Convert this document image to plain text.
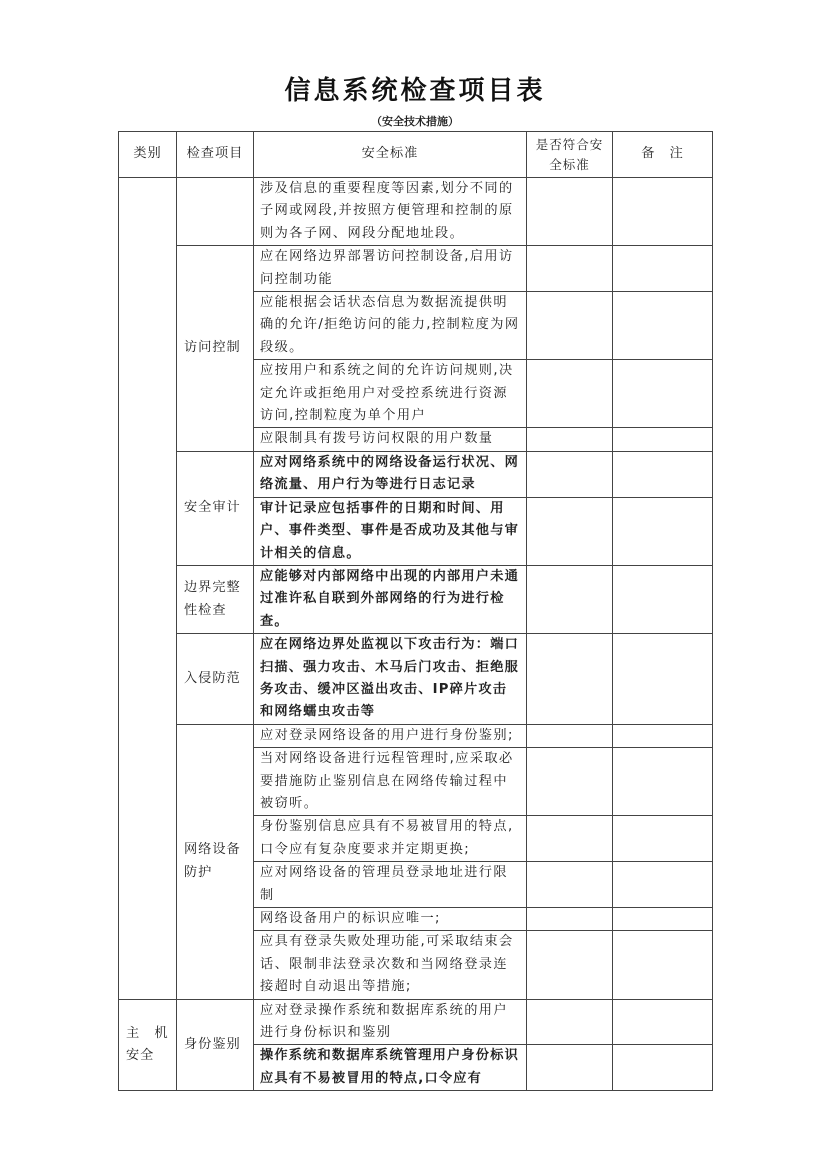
信息系统检查项目表
（安全技术措施）
类别	检查项目	安全标准	是否符合安全标准	备　注
		涉及信息的重要程度等因素,划分不同的子网或网段,并按照方便管理和控制的原则为各子网、网段分配地址段。		
	访问控制	应在网络边界部署访问控制设备,启用访问控制功能		
		应能根据会话状态信息为数据流提供明确的允许/拒绝访问的能力,控制粒度为网段级。		
		应按用户和系统之间的允许访问规则,决定允许或拒绝用户对受控系统进行资源访问,控制粒度为单个用户		
		应限制具有拨号访问权限的用户数量		
	安全审计	应对网络系统中的网络设备运行状况、网络流量、用户行为等进行日志记录		
		审计记录应包括事件的日期和时间、用户、事件类型、事件是否成功及其他与审计相关的信息。		
	边界完整性检查	应能够对内部网络中出现的内部用户未通过准许私自联到外部网络的行为进行检查。		
	入侵防范	应在网络边界处监视以下攻击行为：端口扫描、强力攻击、木马后门攻击、拒绝服务攻击、缓冲区溢出攻击、IP碎片攻击和网络蠕虫攻击等		
	网络设备防护	应对登录网络设备的用户进行身份鉴别;		
		当对网络设备进行远程管理时,应采取必要措施防止鉴别信息在网络传输过程中被窃听。		
		身份鉴别信息应具有不易被冒用的特点,口令应有复杂度要求并定期更换;		
		应对网络设备的管理员登录地址进行限制		
		网络设备用户的标识应唯一;		
		应具有登录失败处理功能,可采取结束会话、限制非法登录次数和当网络登录连接超时自动退出等措施;		
主　机安全	身份鉴别	应对登录操作系统和数据库系统的用户进行身份标识和鉴别		
		操作系统和数据库系统管理用户身份标识应具有不易被冒用的特点,口令应有		
